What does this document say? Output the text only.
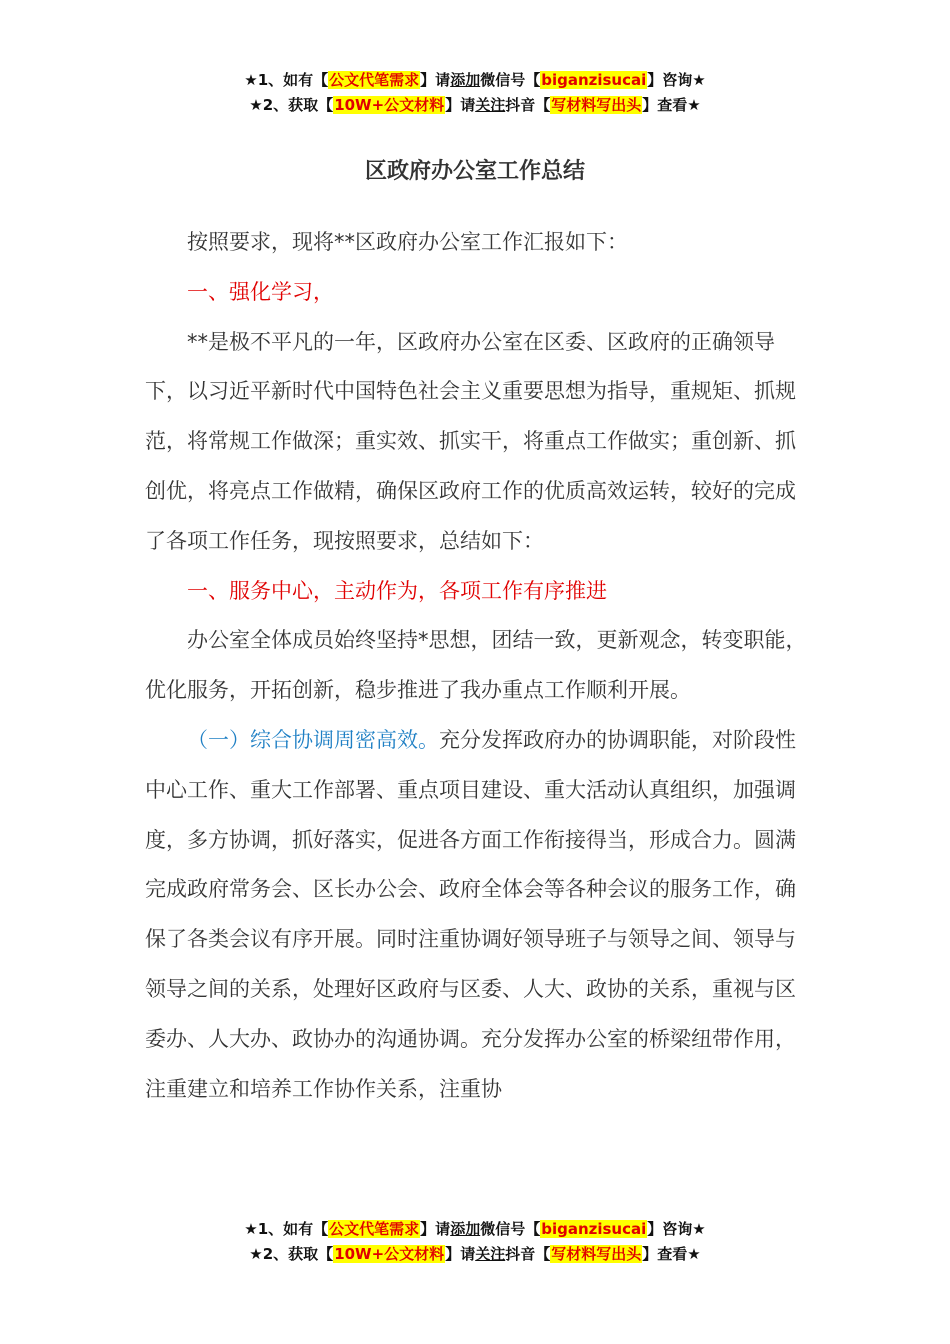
★1、如有【公文代笔需求】请添加微信号【biganzisucai】咨询★
★2、获取【10W+公文材料】请关注抖音【写材料写出头】查看★
区政府办公室工作总结

按照要求，现将**区政府办公室工作汇报如下：

一、强化学习，

**是极不平凡的一年，区政府办公室在区委、区政府的正确领导下，以习近平新时代中国特色社会主义重要思想为指导，重规矩、抓规范，将常规工作做深；重实效、抓实干，将重点工作做实；重创新、抓创优，将亮点工作做精，确保区政府工作的优质高效运转，较好的完成了各项工作任务，现按照要求，总结如下：

一、服务中心，主动作为，各项工作有序推进

办公室全体成员始终坚持*思想，团结一致，更新观念，转变职能，优化服务，开拓创新，稳步推进了我办重点工作顺利开展。

（一）综合协调周密高效。充分发挥政府办的协调职能，对阶段性中心工作、重大工作部署、重点项目建设、重大活动认真组织，加强调度，多方协调，抓好落实，促进各方面工作衔接得当，形成合力。圆满完成政府常务会、区长办公会、政府全体会等各种会议的服务工作，确保了各类会议有序开展。同时注重协调好领导班子与领导之间、领导与领导之间的关系，处理好区政府与区委、人大、政协的关系，重视与区委办、人大办、政协办的沟通协调。充分发挥办公室的桥梁纽带作用，注重建立和培养工作协作关系，注重协

★1、如有【公文代笔需求】请添加微信号【biganzisucai】咨询★
★2、获取【10W+公文材料】请关注抖音【写材料写出头】查看★
